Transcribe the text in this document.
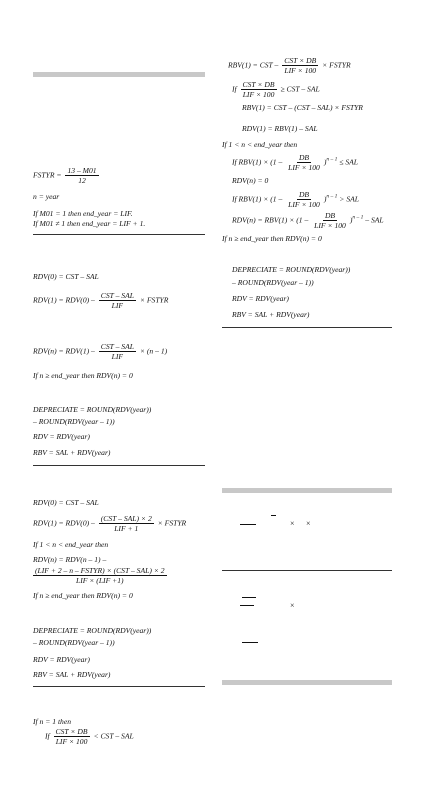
FSTYR = $\frac{13 - M01}{12}$
n = year
If M01 = 1 then end_year = LIF.
If M01 ≠ 1 then end_year = LIF + 1.
RDV(0) = CST – SAL
$RDV(1) = RDV(0) - \frac{\text{CST – SAL}}{\text{LIF}}$ × FSTYR
$RDV(n) = RDV(1) - \frac{\text{CST – SAL}}{\text{LIF}} \times (n - 1)$
If n ≥ end_year then RDV(n) = 0
DEPRECIATE = ROUND(RDV(year))
– ROUND(RDV(year – 1))
RDV = RDV(year)
RBV = SAL + RDV(year)
RDV(0) = CST – SAL
$RDV(1) = RDV(0) - \frac{\text{(CST – SAL) × 2}}{\text{LIF + 1}}$ × FSTYR
If 1 < n < end_year then
RDV(n) = RDV(n – 1) –
$\frac{\text{(LIF + 2 – n – FSTYR) × (CST – SAL) × 2}}{\text{LIF × (LIF +1)}}$
If n ≥ end_year then RDV(n) = 0
DEPRECIATE = ROUND(RDV(year))
– ROUND(RDV(year – 1))
RDV = RDV(year)
RBV = SAL + RDV(year)
If n = 1 then
If $\frac{\text{CST × DB}}{\text{LIF × 100}}$ < CST – SAL
RBV(1) = CST – $\frac{\text{CST × DB}}{\text{LIF × 100}}$ × FSTYR
If $\frac{\text{CST × DB}}{\text{LIF × 100}}$ ≥ CST – SAL
RBV(1) = CST – (CST – SAL) × FSTYR
RDV(1) = RBV(1) – SAL
If 1 < n < end_year then
If $RBV(1) \times (1 - \frac{DB}{\text{LIF × 100}} )^{n - 1}$ ≤ SAL
RDV(n) = 0
If $RBV(1) \times (1 - \frac{DB}{\text{LIF × 100}} )^{n - 1}$ > SAL
$RDV(n) = RBV(1) \times (1 - \frac{DB}{\text{LIF × 100}} )^{n - 1}$ – SAL
If n ≥ end_year then RDV(n) = 0
DEPRECIATE = ROUND(RDV(year))
– ROUND(RDV(year – 1))
RDV = RDV(year)
RBV = SAL + RDV(year)
× ×
×
